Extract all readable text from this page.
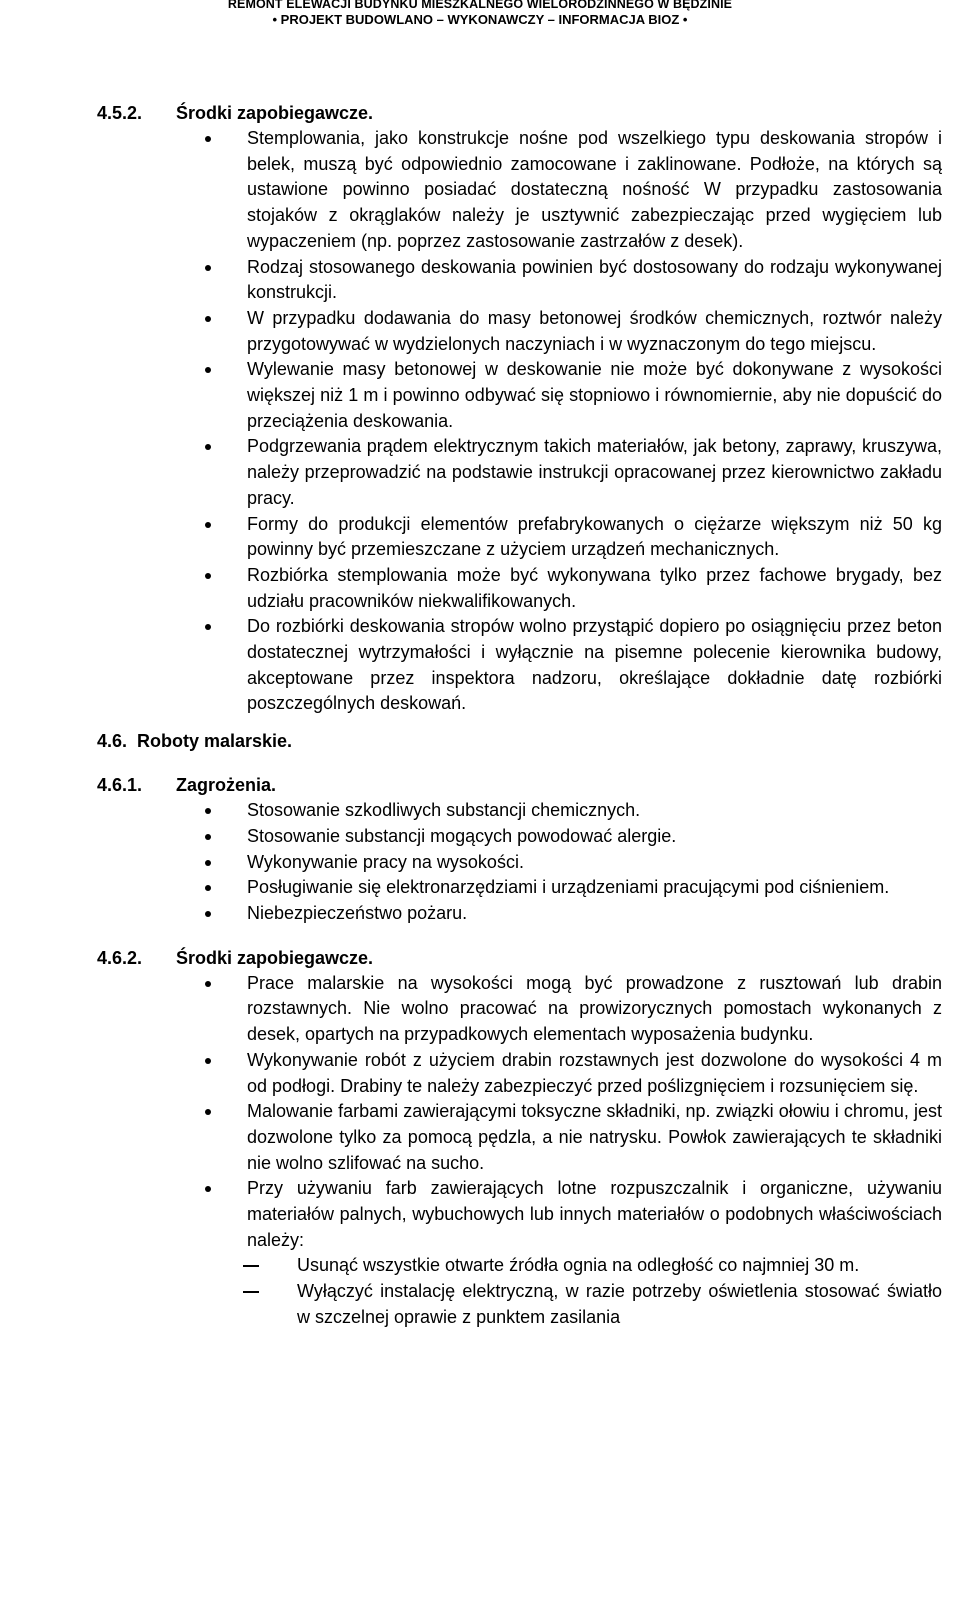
REMONT ELEWACJI BUDYNKU MIESZKALNEGO WIELORODZINNEGO W BĘDZINIE
• PROJEKT BUDOWLANO – WYKONAWCZY – INFORMACJA BIOZ •
4.5.2. Środki zapobiegawcze.
Stemplowania, jako konstrukcje nośne pod wszelkiego typu deskowania stropów i belek, muszą być odpowiednio zamocowane i zaklinowane. Podłoże, na których są ustawione powinno posiadać dostateczną nośność W przypadku zastosowania stojaków z okrąglaków należy je usztywnić zabezpieczając przed wygięciem lub wypaczeniem (np. poprzez zastosowanie zastrzałów z desek).
Rodzaj stosowanego deskowania powinien być dostosowany do rodzaju wykonywanej konstrukcji.
W przypadku dodawania do masy betonowej środków chemicznych, roztwór należy przygotowywać w wydzielonych naczyniach i w wyznaczonym do tego miejscu.
Wylewanie masy betonowej w deskowanie nie może być dokonywane z wysokości większej niż 1 m i powinno odbywać się stopniowo i równomiernie, aby nie dopuścić do przeciążenia deskowania.
Podgrzewania prądem elektrycznym takich materiałów, jak betony, zaprawy, kruszywa, należy przeprowadzić na podstawie instrukcji opracowanej przez kierownictwo zakładu pracy.
Formy do produkcji elementów prefabrykowanych o ciężarze większym niż 50 kg powinny być przemieszczane z użyciem urządzeń mechanicznych.
Rozbiórka stemplowania może być wykonywana tylko przez fachowe brygady, bez udziału pracowników niekwalifikowanych.
Do rozbiórki deskowania stropów wolno przystąpić dopiero po osiągnięciu przez beton dostatecznej wytrzymałości i wyłącznie na pisemne polecenie kierownika budowy, akceptowane przez inspektora nadzoru, określające dokładnie datę rozbiórki poszczególnych deskowań.
4.6. Roboty malarskie.
4.6.1. Zagrożenia.
Stosowanie szkodliwych substancji chemicznych.
Stosowanie substancji mogących powodować alergie.
Wykonywanie pracy na wysokości.
Posługiwanie się elektronarzędziami i urządzeniami pracującymi pod ciśnieniem.
Niebezpieczeństwo pożaru.
4.6.2. Środki zapobiegawcze.
Prace malarskie na wysokości mogą być prowadzone z rusztowań lub drabin rozstawnych. Nie wolno pracować na prowizorycznych pomostach wykonanych z desek, opartych na przypadkowych elementach wyposażenia budynku.
Wykonywanie robót z użyciem drabin rozstawnych jest dozwolone do wysokości 4 m od podłogi. Drabiny te należy zabezpieczyć przed poślizgnięciem i rozsunięciem się.
Malowanie farbami zawierającymi toksyczne składniki, np. związki ołowiu i chromu, jest dozwolone tylko za pomocą pędzla, a nie natrysku. Powłok zawierających te składniki nie wolno szlifować na sucho.
Przy używaniu farb zawierających lotne rozpuszczalnik i organiczne, używaniu materiałów palnych, wybuchowych lub innych materiałów o podobnych właściwościach należy:
Usunąć wszystkie otwarte źródła ognia na odległość co najmniej 30 m.
Wyłączyć instalację elektryczną, w razie potrzeby oświetlenia stosować światło w szczelnej oprawie z punktem zasilania
